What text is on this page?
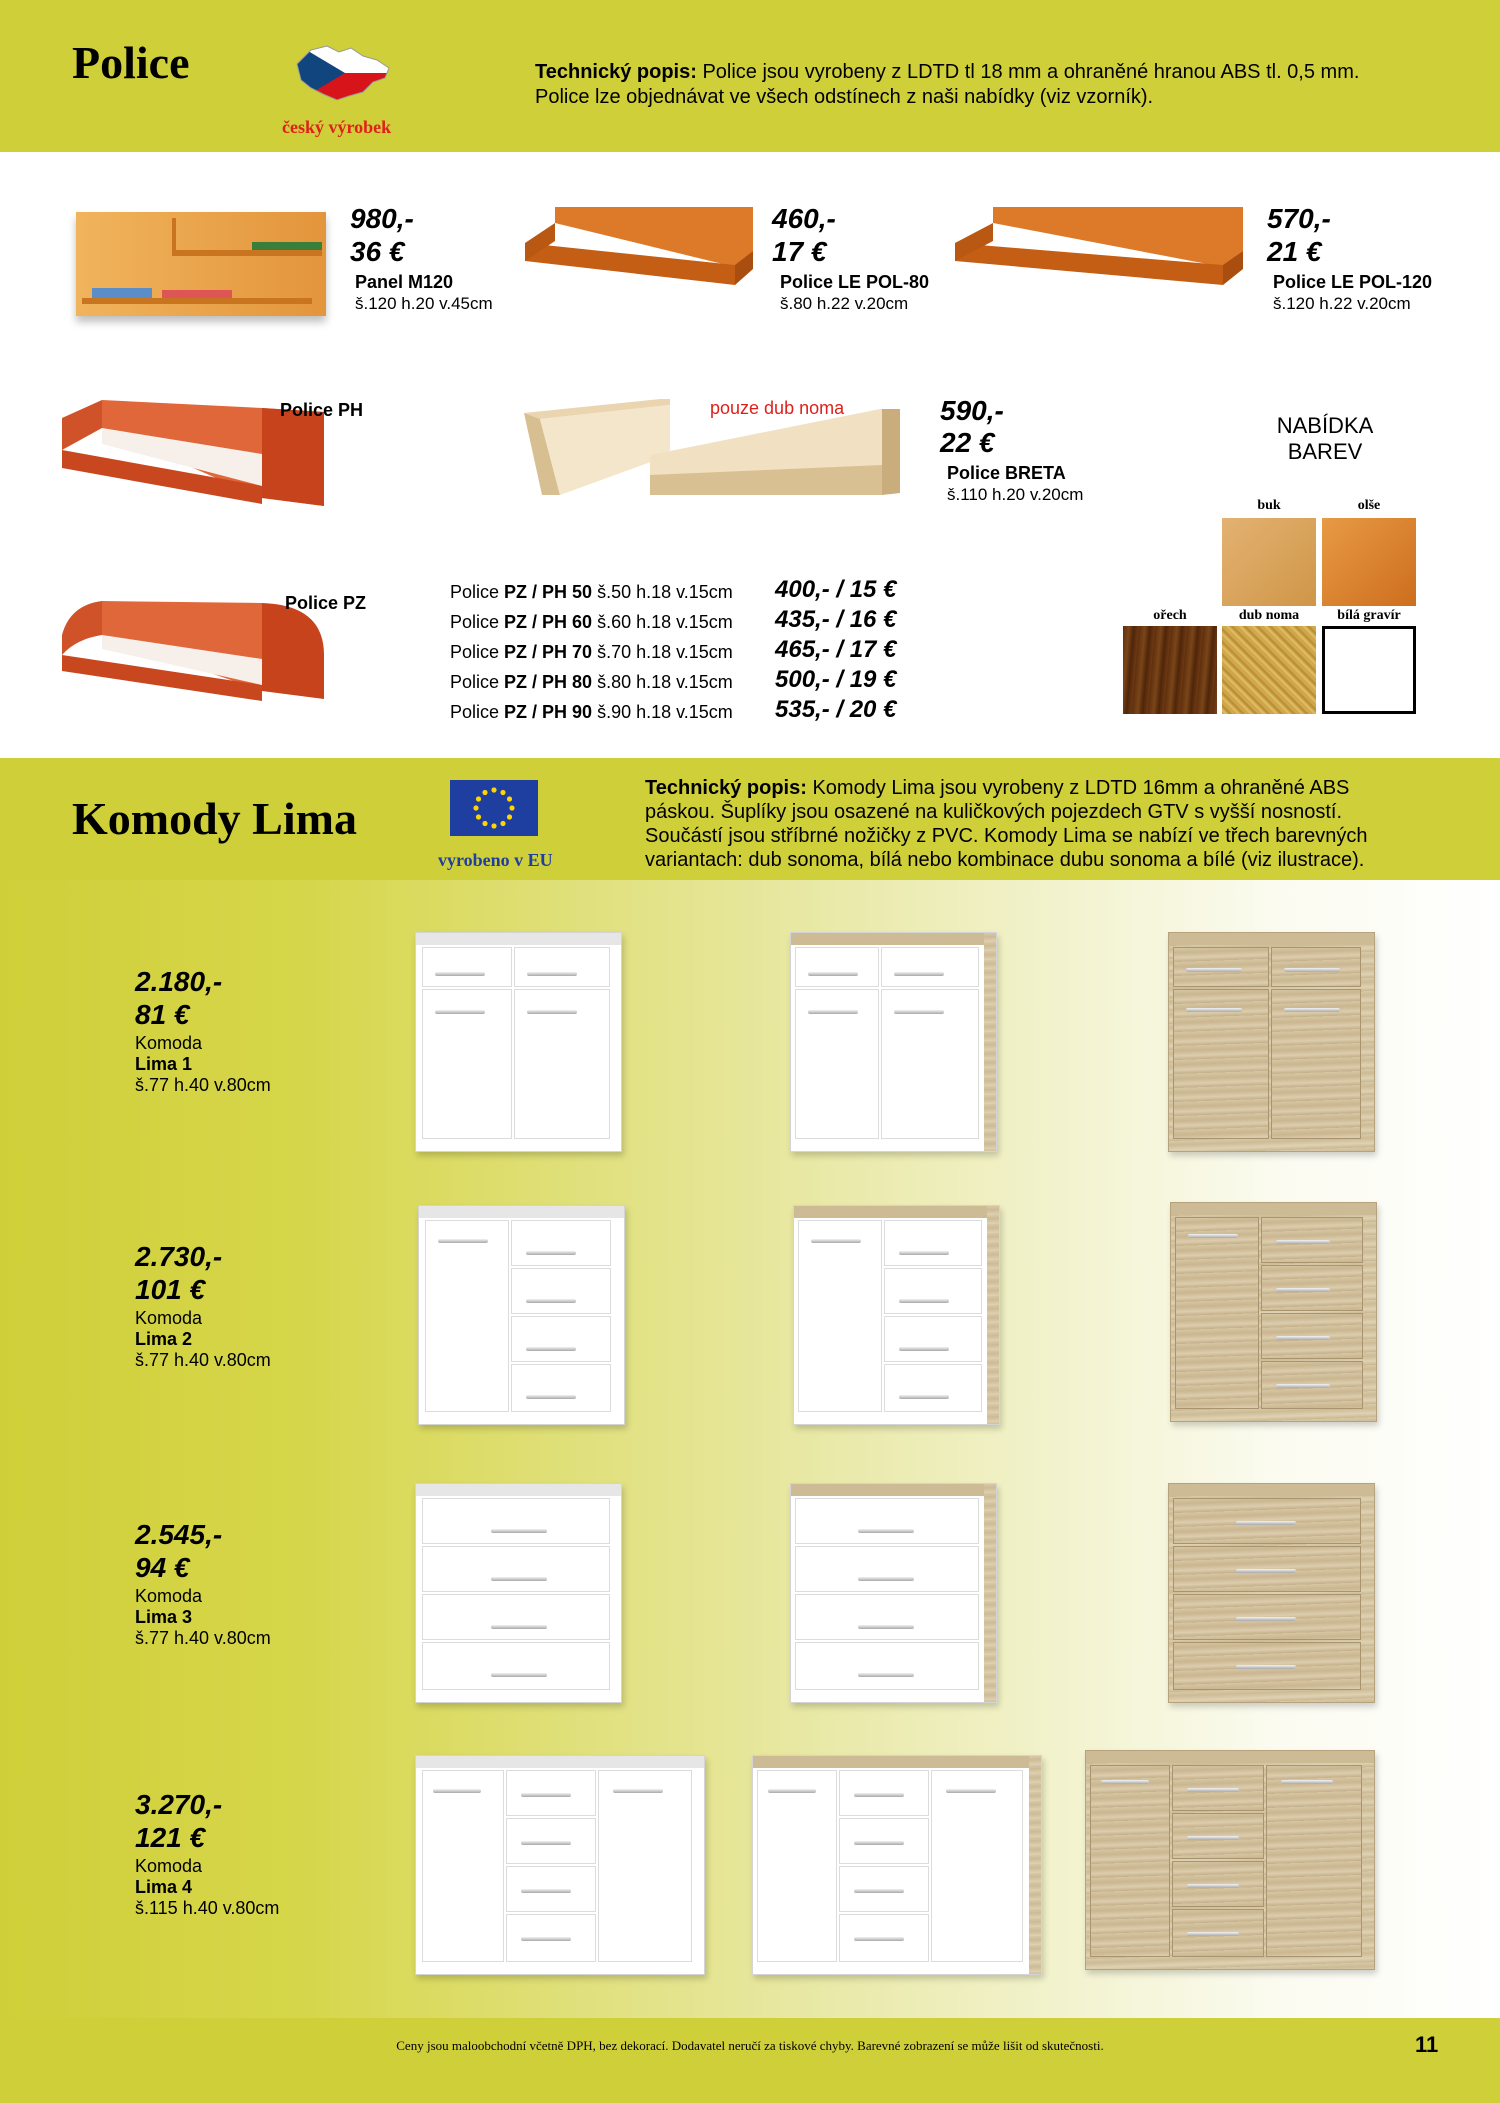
Police
český výrobek
Technický popis: Police jsou vyrobeny z LDTD tl 18 mm a ohraněné hranou ABS tl. 0,5 mm.
Police lze objednávat ve všech odstínech z naši nabídky (viz vzorník).
980,-
36 €
Panel M120
š.120 h.20 v.45cm
460,-
17 €
Police LE POL-80
š.80 h.22 v.20cm
570,-
21 €
Police LE POL-120
š.120 h.22 v.20cm
Police PH	pouze dub noma	590,-
22 €
Police BRETA
š.110 h.20 v.20cm
NABÍDKA
BAREV
buk	olše
ořech	dub noma	bílá gravír
Police PZ
Police PZ / PH 50 š.50 h.18 v.15cm 400,- / 15 €
Police PZ / PH 60 š.60 h.18 v.15cm 435,- / 16 €
Police PZ / PH 70 š.70 h.18 v.15cm 465,- / 17 €
Police PZ / PH 80 š.80 h.18 v.15cm 500,- / 19 €
Police PZ / PH 90 š.90 h.18 v.15cm 535,- / 20 €
Komody Lima
vyrobeno v EU
Technický popis: Komody Lima jsou vyrobeny z LDTD 16mm a ohraněné ABS
páskou. Šuplíky jsou osazené na kuličkových pojezdech GTV s vyšší nosností.
Součástí jsou stříbrné nožičky z PVC. Komody Lima se nabízí ve třech barevných
variantach: dub sonoma, bílá nebo kombinace dubu sonoma a bílé (viz ilustrace).
2.180,-
81 €
Komoda
Lima 1
š.77 h.40 v.80cm
2.730,-
101 €
Komoda
Lima 2
š.77 h.40 v.80cm
2.545,-
94 €
Komoda
Lima 3
š.77 h.40 v.80cm
3.270,-
121 €
Komoda
Lima 4
š.115 h.40 v.80cm
Ceny jsou maloobchodní včetně DPH, bez dekorací. Dodavatel neručí za tiskové chyby. Barevné zobrazení se může lišit od skutečnosti.	11
